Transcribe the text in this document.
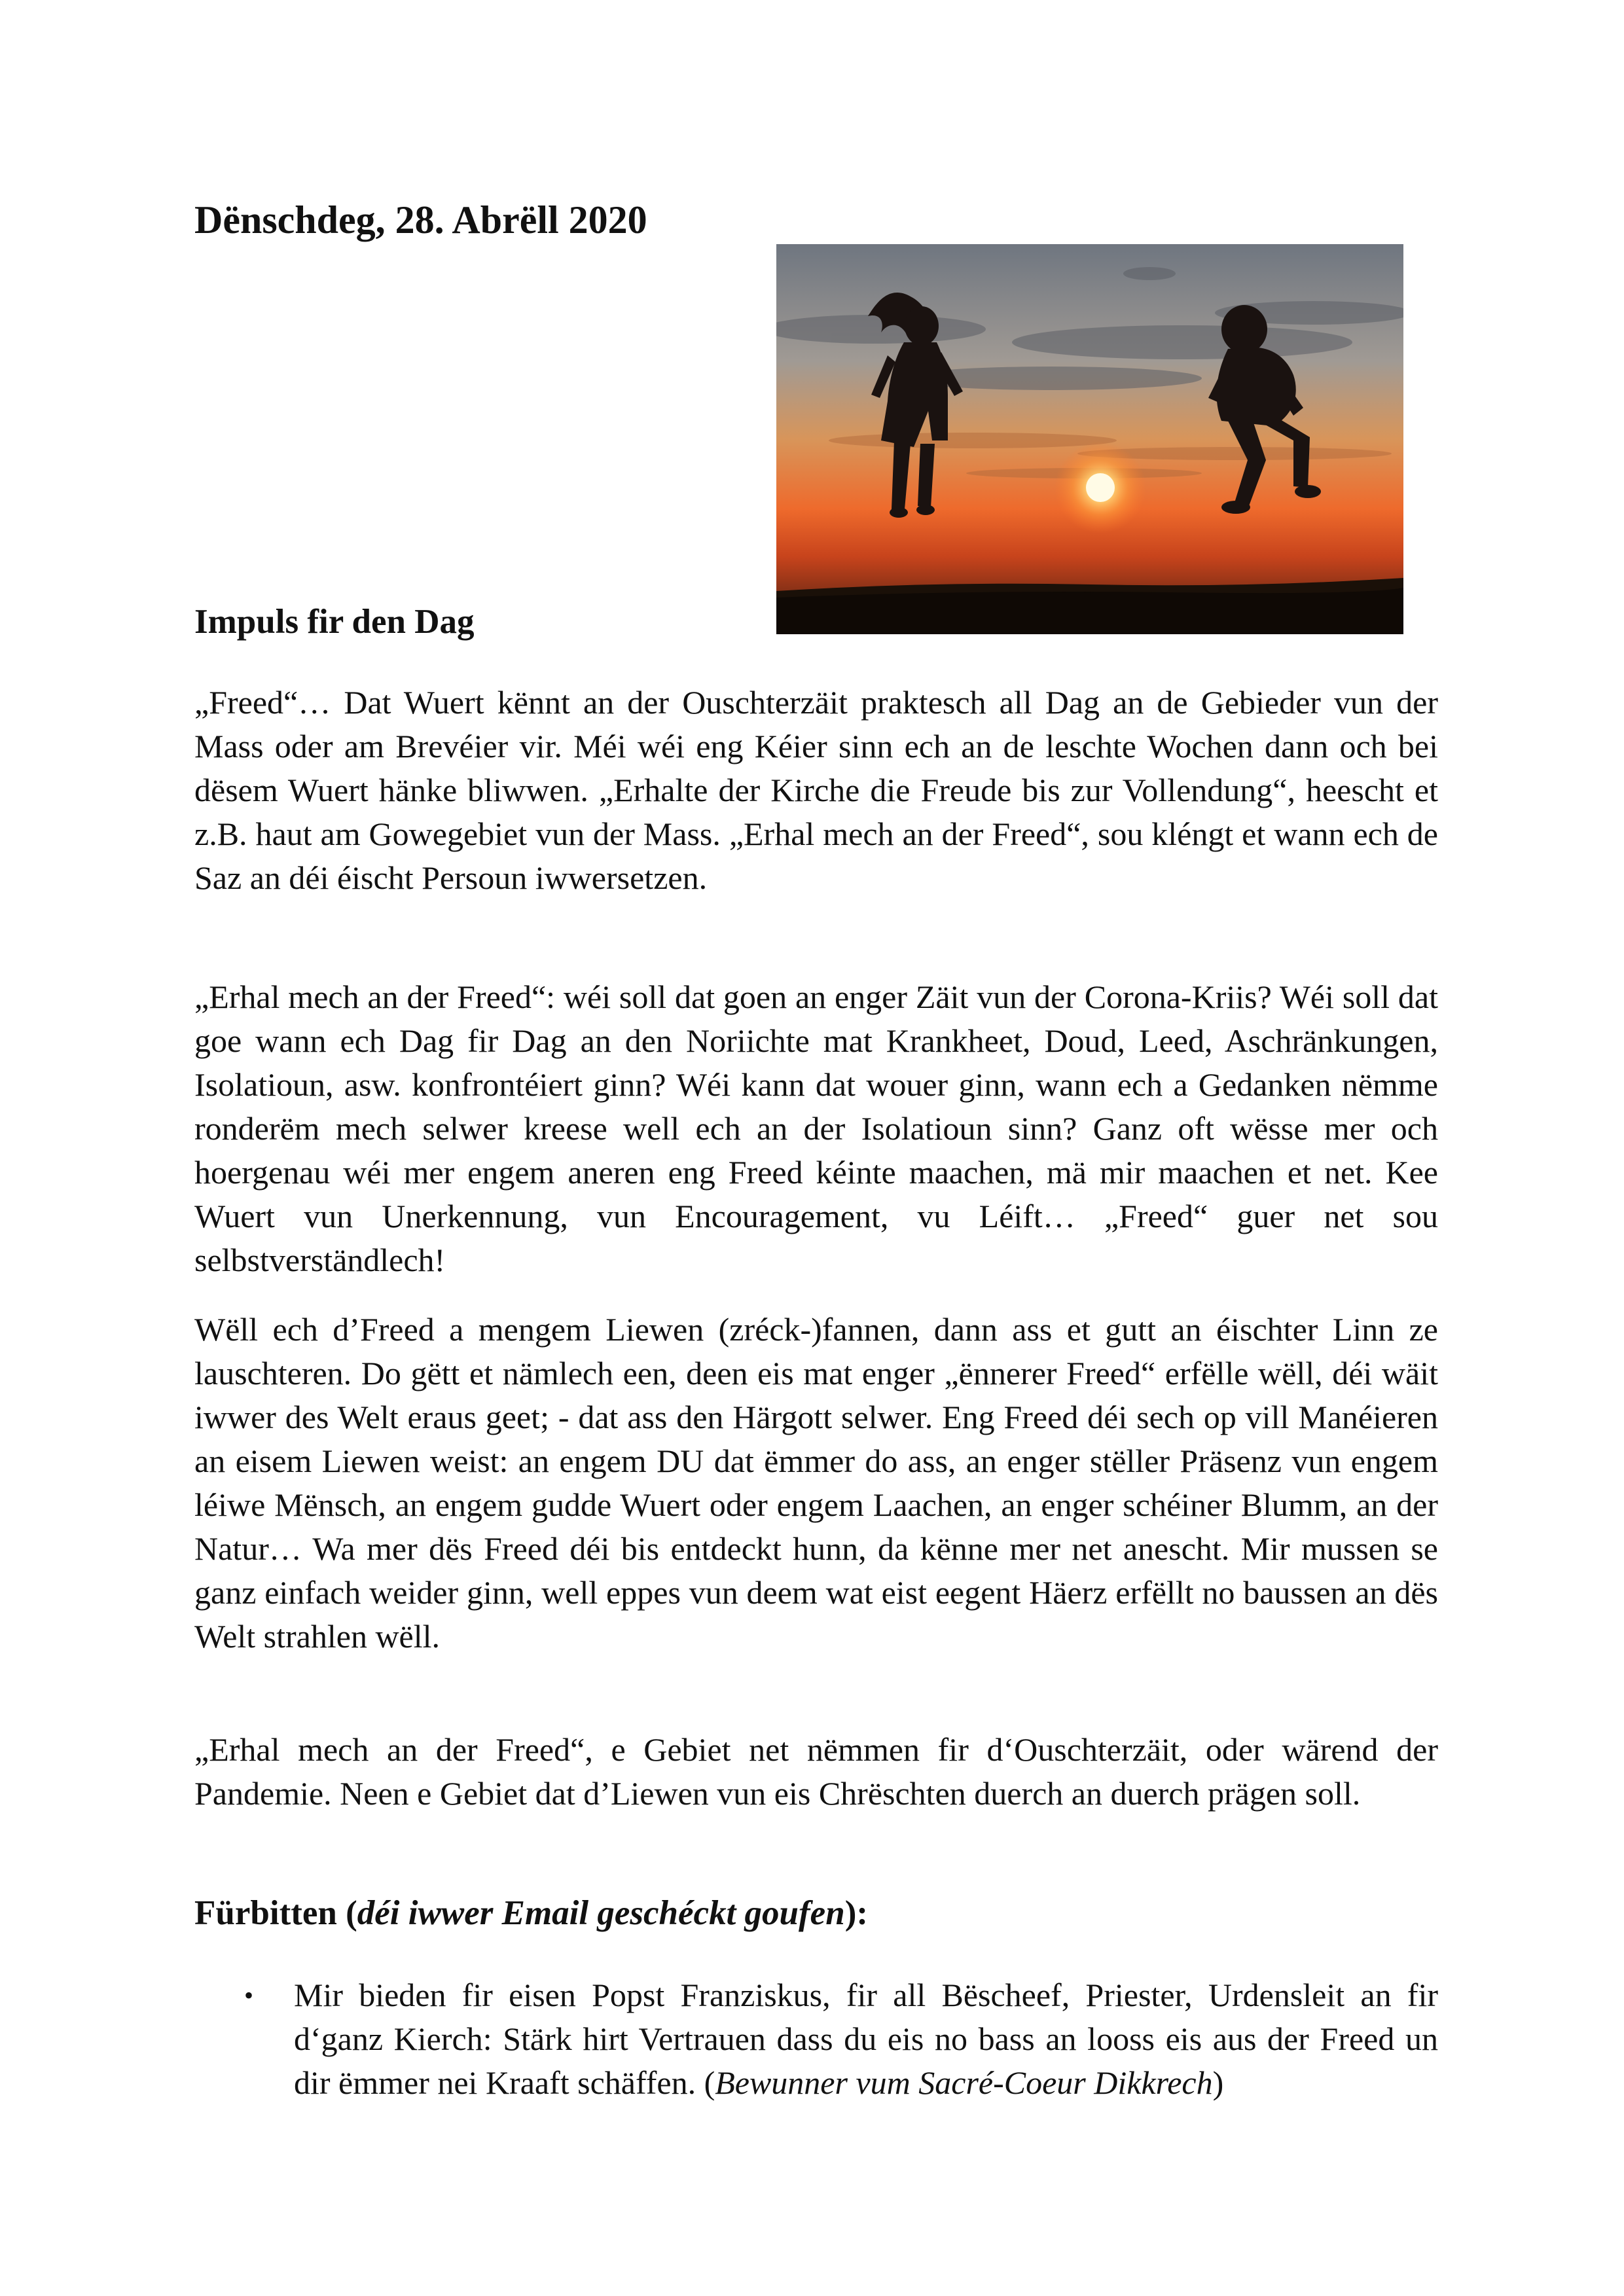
Dënschdeg, 28. Abrëll 2020
Impuls fir den Dag

„Freed“… Dat Wuert kënnt an der Ouschterzäit praktesch all Dag an de Gebieder vun der Mass oder am Brevéier vir. Méi wéi eng Kéier sinn ech an de leschte Wochen dann och bei dësem Wuert hänke bliwwen. „Erhalte der Kirche die Freude bis zur Vollendung“, heescht et z.B. haut am Gowegebiet vun der Mass. „Erhal mech an der Freed“, sou kléngt et wann ech de Saz an déi éischt Persoun iwwersetzen.

„Erhal mech an der Freed“: wéi soll dat goen an enger Zäit vun der Corona-Kriis? Wéi soll dat goe wann ech Dag fir Dag an den Noriichte mat Krankheet, Doud, Leed, Aschränkungen, Isolatioun, asw. konfrontéiert ginn? Wéi kann dat wouer ginn, wann ech a Gedanken nëmme ronderëm mech selwer kreese well ech an der Isolatioun sinn? Ganz oft wësse mer och hoergenau wéi mer engem aneren eng Freed kéinte maachen, mä mir maachen et net. Kee Wuert vun Unerkennung, vun Encouragement, vu Léift… „Freed“ guer net sou selbstverständlech!

Wëll ech d’Freed a mengem Liewen (zréck-)fannen, dann ass et gutt an éischter Linn ze lauschteren. Do gëtt et nämlech een, deen eis mat enger „ënnerer Freed“ erfëlle wëll, déi wäit iwwer des Welt eraus geet; - dat ass den Härgott selwer. Eng Freed déi sech op vill Manéieren an eisem Liewen weist: an engem DU dat ëmmer do ass, an enger stëller Präsenz vun engem léiwe Mënsch, an engem gudde Wuert oder engem Laachen, an enger schéiner Blumm, an der Natur… Wa mer dës Freed déi bis entdeckt hunn, da kënne mer net anescht. Mir mussen se ganz einfach weider ginn, well eppes vun deem wat eist eegent Häerz erfëllt no baussen an dës Welt strahlen wëll.

„Erhal mech an der Freed“, e Gebiet net nëmmen fir d‘Ouschterzäit, oder wärend der Pandemie. Neen e Gebiet dat d’Liewen vun eis Chrëschten duerch an duerch prägen soll.

Fürbitten (déi iwwer Email geschéckt goufen):
• Mir bieden fir eisen Popst Franziskus, fir all Bëscheef, Priester, Urdensleit an fir d‘ganz Kierch: Stärk hirt Vertrauen dass du eis no bass an looss eis aus der Freed un dir ëmmer nei Kraaft schäffen. (Bewunner vum Sacré-Coeur Dikkrech)
